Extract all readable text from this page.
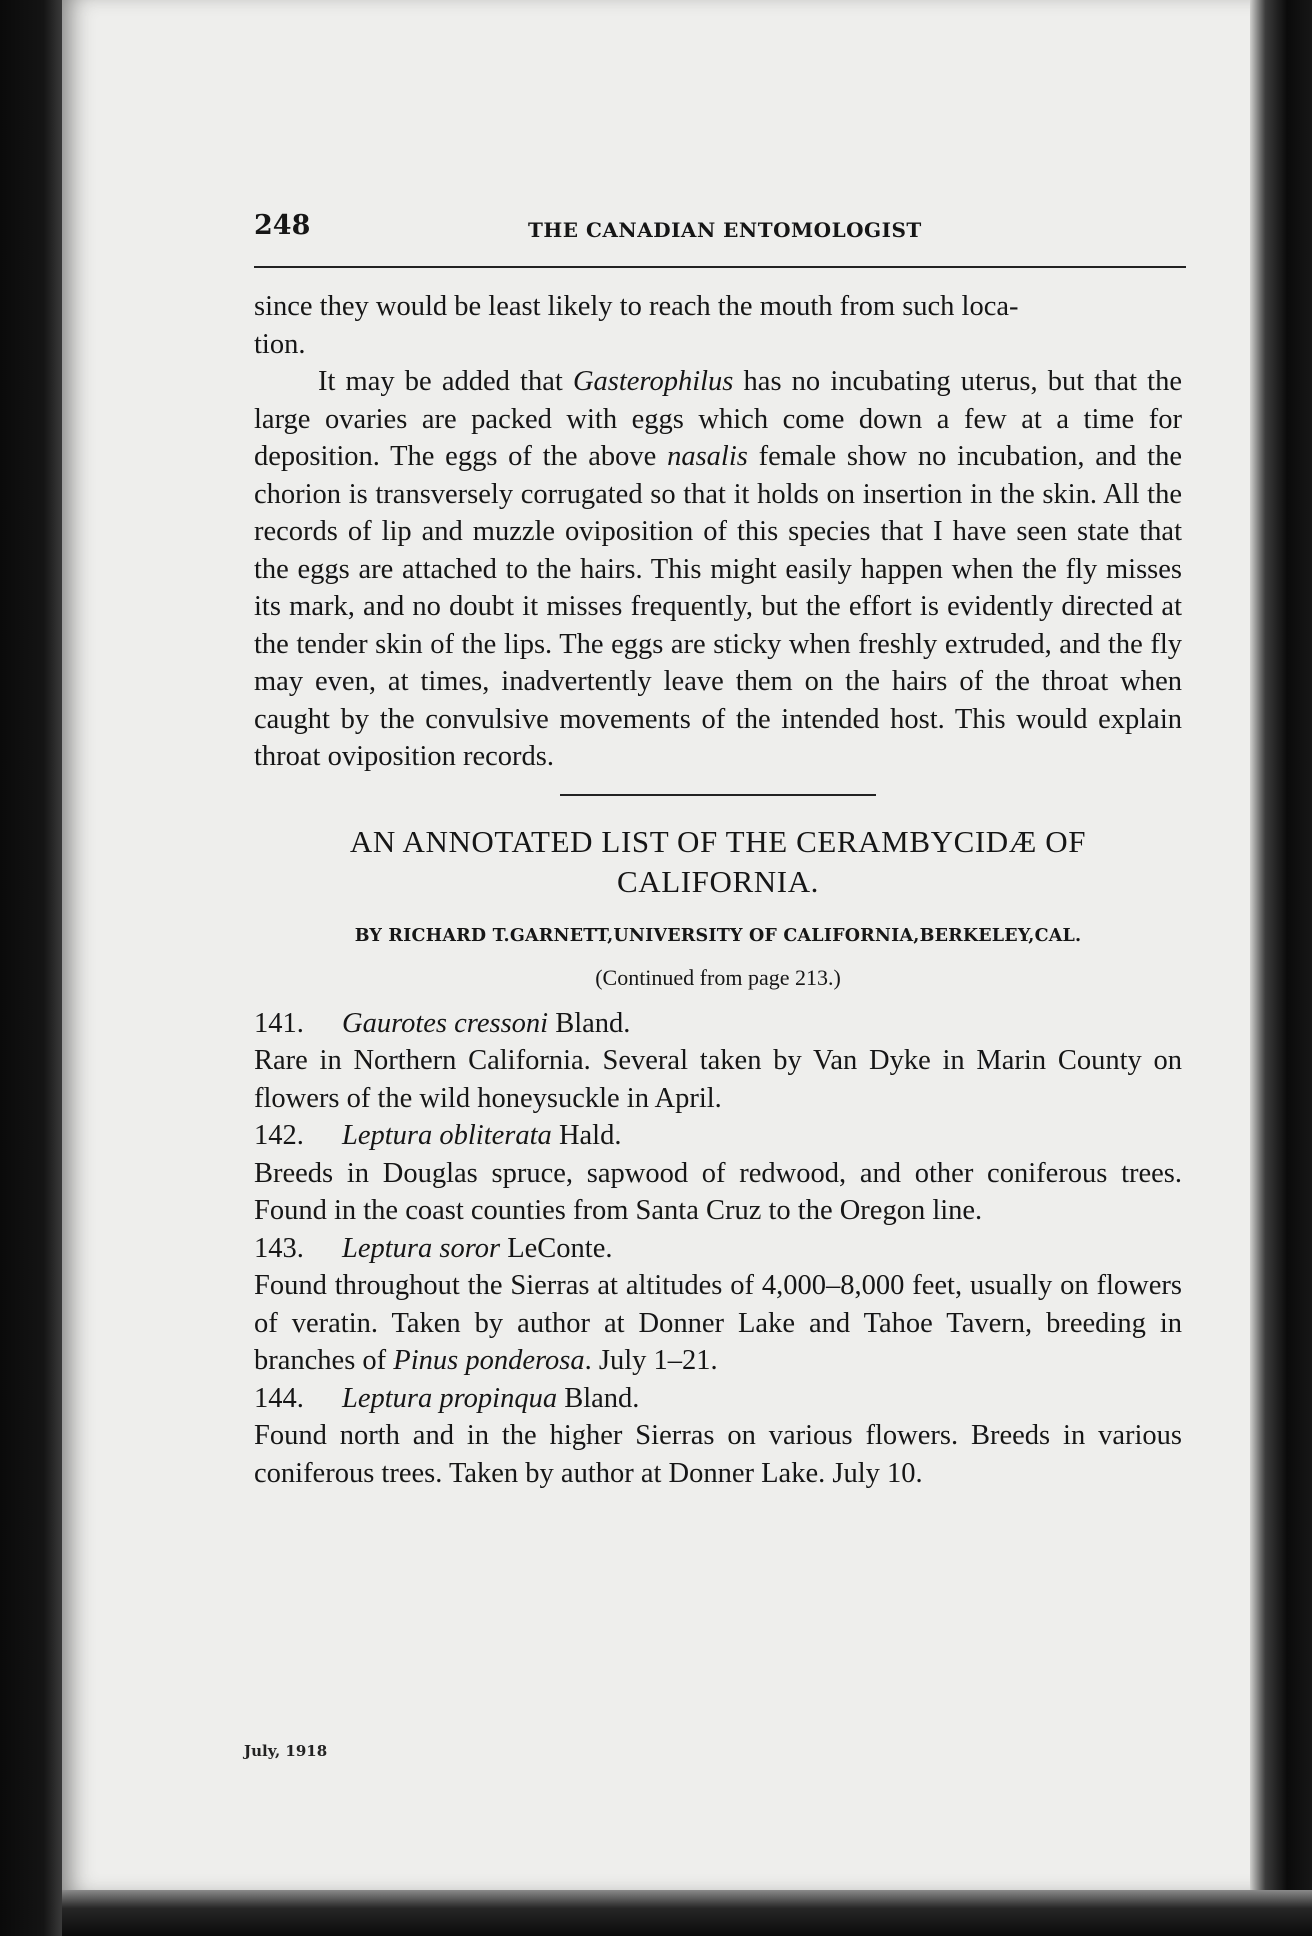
248	THE CANADIAN ENTOMOLOGIST

since they would be least likely to reach the mouth from such loca-
tion.

It may be added that Gasterophilus has no incubating uterus, but that the large ovaries are packed with eggs which come down a few at a time for deposition. The eggs of the above nasalis female show no incubation, and the chorion is transversely corrugated so that it holds on insertion in the skin. All the records of lip and muzzle oviposition of this species that I have seen state that the eggs are attached to the hairs. This might easily happen when the fly misses its mark, and no doubt it misses frequently, but the effort is evidently directed at the tender skin of the lips. The eggs are sticky when freshly extruded, and the fly may even, at times, inadvertently leave them on the hairs of the throat when caught by the convulsive movements of the intended host. This would explain throat oviposition records.

AN ANNOTATED LIST OF THE CERAMBYCIDÆ OF CALIFORNIA.
BY RICHARD T.GARNETT,UNIVERSITY OF CALIFORNIA,BERKELEY,CAL.
(Continued from page 213.)

141.	Gaurotes cressoni Bland.

Rare in Northern California. Several taken by Van Dyke in Marin County on flowers of the wild honeysuckle in April.

142.	Leptura obliterata Hald.

Breeds in Douglas spruce, sapwood of redwood, and other coniferous trees. Found in the coast counties from Santa Cruz to the Oregon line.

143.	Leptura soror LeConte.

Found throughout the Sierras at altitudes of 4,000–8,000 feet, usually on flowers of veratin. Taken by author at Donner Lake and Tahoe Tavern, breeding in branches of Pinus ponderosa. July 1–21.

144.	Leptura propinqua Bland.

Found north and in the higher Sierras on various flowers. Breeds in various coniferous trees. Taken by author at Donner Lake. July 10.

July, 1918
